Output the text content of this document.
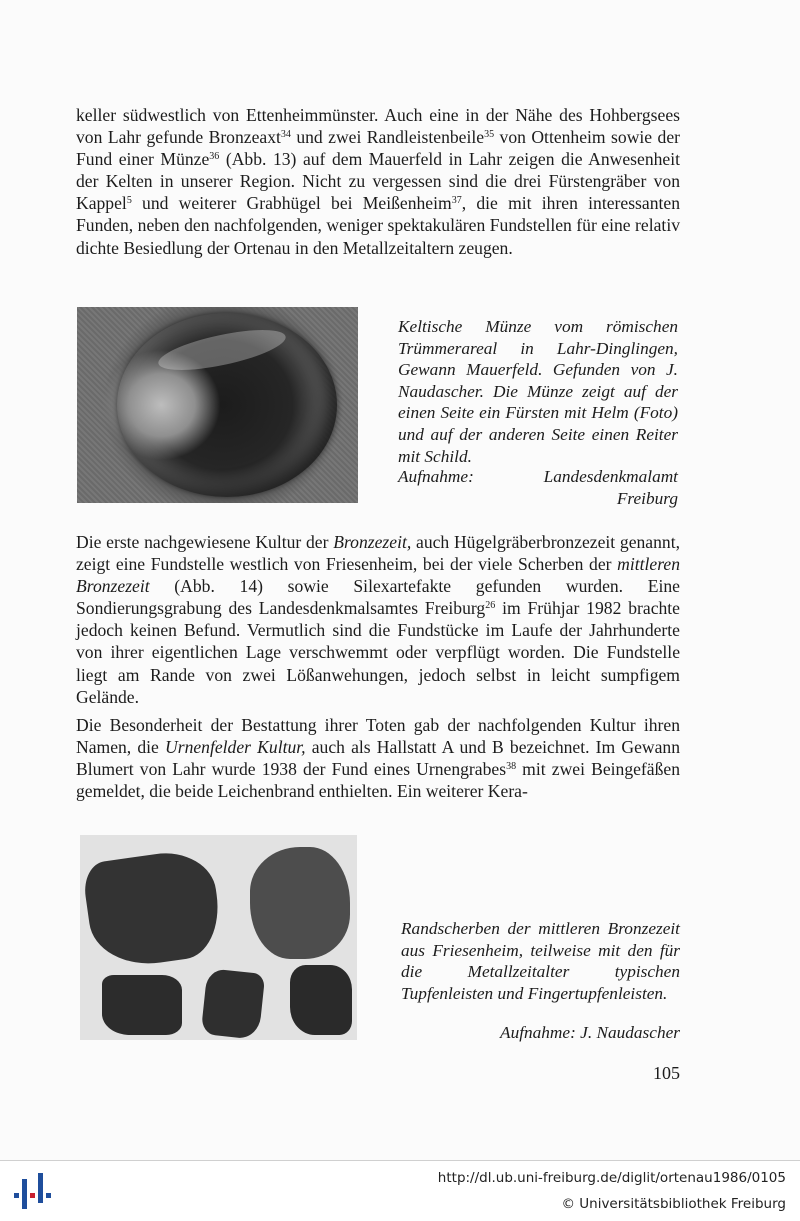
keller südwestlich von Ettenheimmünster. Auch eine in der Nähe des Hohbergsees von Lahr gefunde Bronzeaxt$^{34}$ und zwei Randleistenbeile$^{35}$ von Ottenheim sowie der Fund einer Münze$^{36}$ (Abb. 13) auf dem Mauerfeld in Lahr zeigen die Anwesenheit der Kelten in unserer Region. Nicht zu vergessen sind die drei Fürstengräber von Kappel$^5$ und weiterer Grabhügel bei Meißenheim$^{37}$, die mit ihren interessanten Funden, neben den nachfolgenden, weniger spektakulären Fundstellen für eine relativ dichte Besiedlung der Ortenau in den Metallzeitaltern zeugen.

Keltische Münze vom römischen Trümmerareal in Lahr-Dinglingen, Gewann Mauerfeld. Gefunden von J. Naudascher. Die Münze zeigt auf der einen Seite ein Fürsten mit Helm (Foto) und auf der anderen Seite einen Reiter mit Schild.

Aufnahme:	Landesdenkmalamt
Freiburg

Die erste nachgewiesene Kultur der Bronzezeit, auch Hügelgräberbronzezeit genannt, zeigt eine Fundstelle westlich von Friesenheim, bei der viele Scherben der mittleren Bronzezeit (Abb. 14) sowie Silexartefakte gefunden wurden. Eine Sondierungsgrabung des Landesdenkmalsamtes Freiburg$^{26}$ im Frühjar 1982 brachte jedoch keinen Befund. Vermutlich sind die Fundstücke im Laufe der Jahrhunderte von ihrer eigentlichen Lage verschwemmt oder verpflügt worden. Die Fundstelle liegt am Rande von zwei Lößanwehungen, jedoch selbst in leicht sumpfigem Gelände.

Die Besonderheit der Bestattung ihrer Toten gab der nachfolgenden Kultur ihren Namen, die Urnenfelder Kultur, auch als Hallstatt A und B bezeichnet. Im Gewann Blumert von Lahr wurde 1938 der Fund eines Urnengrabes$^{38}$ mit zwei Beingefäßen gemeldet, die beide Leichenbrand enthielten. Ein weiterer Kera-

Randscherben der mittleren Bronzezeit aus Friesenheim, teilweise mit den für die Metallzeitalter typischen Tupfenleisten und Fingertupfenleisten.

Aufnahme: J. Naudascher

105

http://dl.ub.uni-freiburg.de/diglit/ortenau1986/0105

© Universitätsbibliothek Freiburg
